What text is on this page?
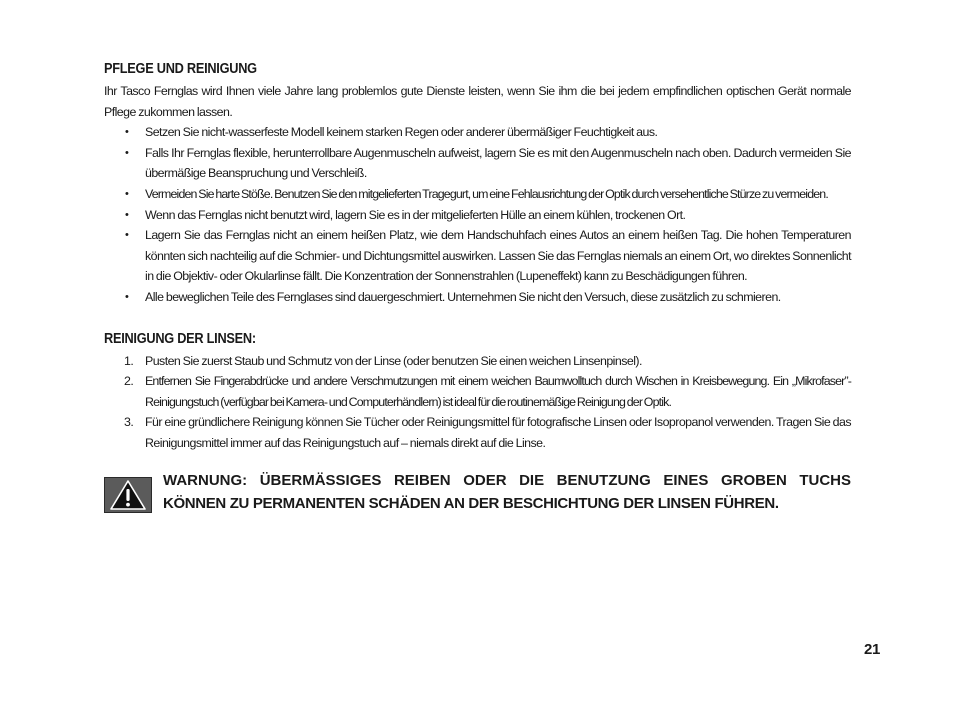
PFLEGE UND REINIGUNG

Ihr Tasco Fernglas wird Ihnen viele Jahre lang problemlos gute Dienste leisten, wenn Sie ihm die bei jedem empfindlichen optischen Gerät normale Pflege zukommen lassen.

• Setzen Sie nicht-wasserfeste Modell keinem starken Regen oder anderer übermäßiger Feuchtigkeit aus.
• Falls Ihr Fernglas flexible, herunterrollbare Augenmuscheln aufweist, lagern Sie es mit den Augenmuscheln nach oben. Dadurch vermeiden Sie übermäßige Beanspruchung und Verschleiß.
• Vermeiden Sie harte Stöße. Benutzen Sie den mitgelieferten Tragegurt, um eine Fehlausrichtung der Optik durch versehentliche Stürze zu vermeiden.
• Wenn das Fernglas nicht benutzt wird, lagern Sie es in der mitgelieferten Hülle an einem kühlen, trockenen Ort.
• Lagern Sie das Fernglas nicht an einem heißen Platz, wie dem Handschuhfach eines Autos an einem heißen Tag. Die hohen Temperaturen könnten sich nachteilig auf die Schmier- und Dichtungsmittel auswirken. Lassen Sie das Fernglas niemals an einem Ort, wo direktes Sonnenlicht in die Objektiv- oder Okularlinse fällt. Die Konzentration der Sonnenstrahlen (Lupeneffekt) kann zu Beschädigungen führen.
• Alle beweglichen Teile des Fernglases sind dauergeschmiert. Unternehmen Sie nicht den Versuch, diese zusätzlich zu schmieren.
REINIGUNG DER LINSEN:
1. Pusten Sie zuerst Staub und Schmutz von der Linse (oder benutzen Sie einen weichen Linsenpinsel).
2. Entfernen Sie Fingerabdrücke und andere Verschmutzungen mit einem weichen Baumwolltuch durch Wischen in Kreisbewegung. Ein „Mikrofaser”-Reinigungstuch (verfügbar bei Kamera- und Computerhändlern) ist ideal für die routinemäßige Reinigung der Optik.
3. Für eine gründlichere Reinigung können Sie Tücher oder Reinigungsmittel für fotografische Linsen oder Isopropanol verwenden. Tragen Sie das Reinigungsmittel immer auf das Reinigungstuch auf – niemals direkt auf die Linse.
WARNUNG: ÜBERMÄSSIGES REIBEN ODER DIE BENUTZUNG EINES GROBEN TUCHS
KÖNNEN ZU PERMANENTEN SCHÄDEN AN DER BESCHICHTUNG DER LINSEN FÜHREN.
21
